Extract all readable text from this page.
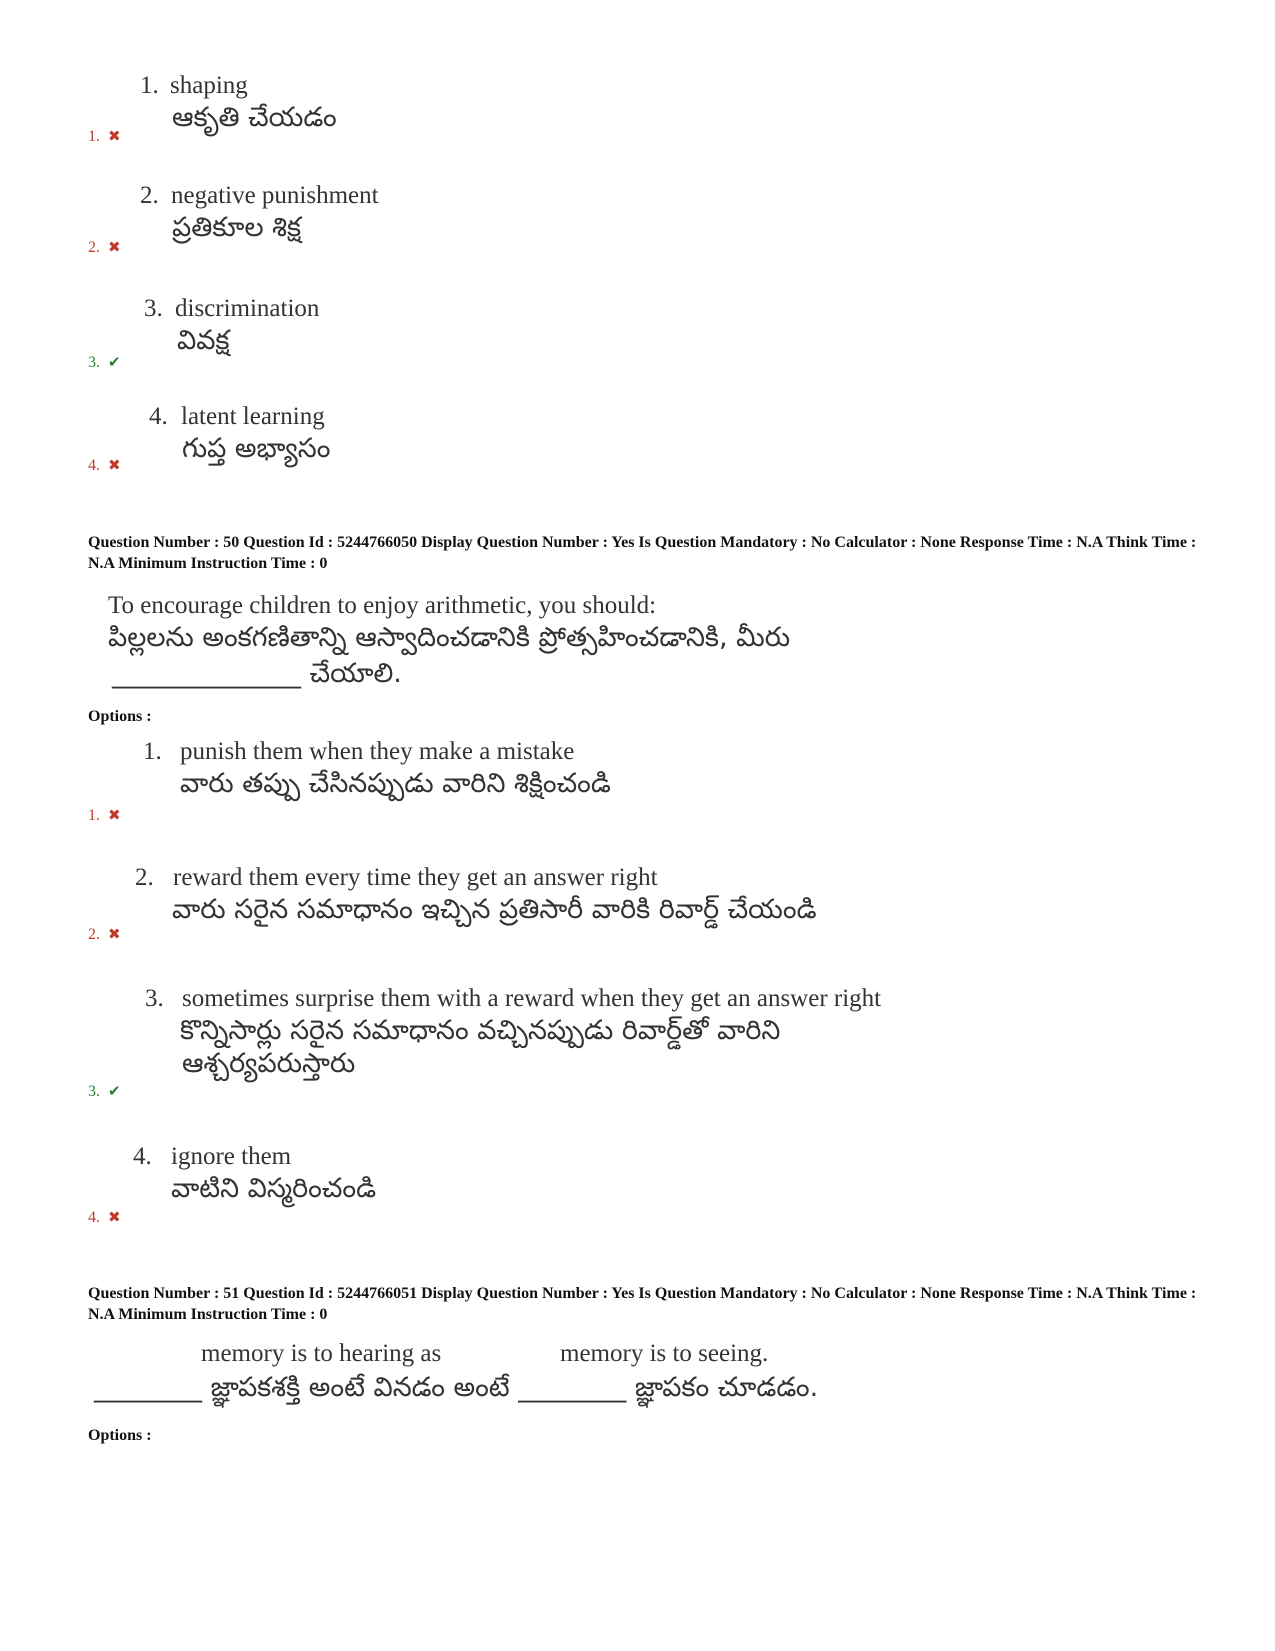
1. shaping
ఆకృతి చేయడం
1. ✖
2. negative punishment
ప్రతికూల శిక్ష
2. ✖
3. discrimination
వివక్ష
3. ✔
4. latent learning
గుప్త అభ్యాసం
4. ✖
Question Number : 50 Question Id : 5244766050 Display Question Number : Yes Is Question Mandatory : No Calculator : None Response Time : N.A Think Time : N.A Minimum Instruction Time : 0
To encourage children to enjoy arithmetic, you should:
పిల్లలను అంకగణితాన్ని ఆస్వాదించడానికి ప్రోత్సహించడానికి, మీరు
______________ చేయాలి.
Options :
1. punish them when they make a mistake
వారు తప్పు చేసినప్పుడు వారిని శిక్షించండి
1. ✖
2. reward them every time they get an answer right
వారు సరైన సమాధానం ఇచ్చిన ప్రతిసారీ వారికి రివార్డ్ చేయండి
2. ✖
3. sometimes surprise them with a reward when they get an answer right
కొన్నిసార్లు సరైన సమాధానం వచ్చినప్పుడు రివార్డ్‌తో వారిని
ఆశ్చర్యపరుస్తారు
3. ✔
4. ignore them
వాటిని విస్మరించండి
4. ✖
Question Number : 51 Question Id : 5244766051 Display Question Number : Yes Is Question Mandatory : No Calculator : None Response Time : N.A Think Time : N.A Minimum Instruction Time : 0
memory is to hearing as	memory is to seeing.
________ జ్ఞాపకశక్తి అంటే వినడం అంటే ________ జ్ఞాపకం చూడడం.
Options :
